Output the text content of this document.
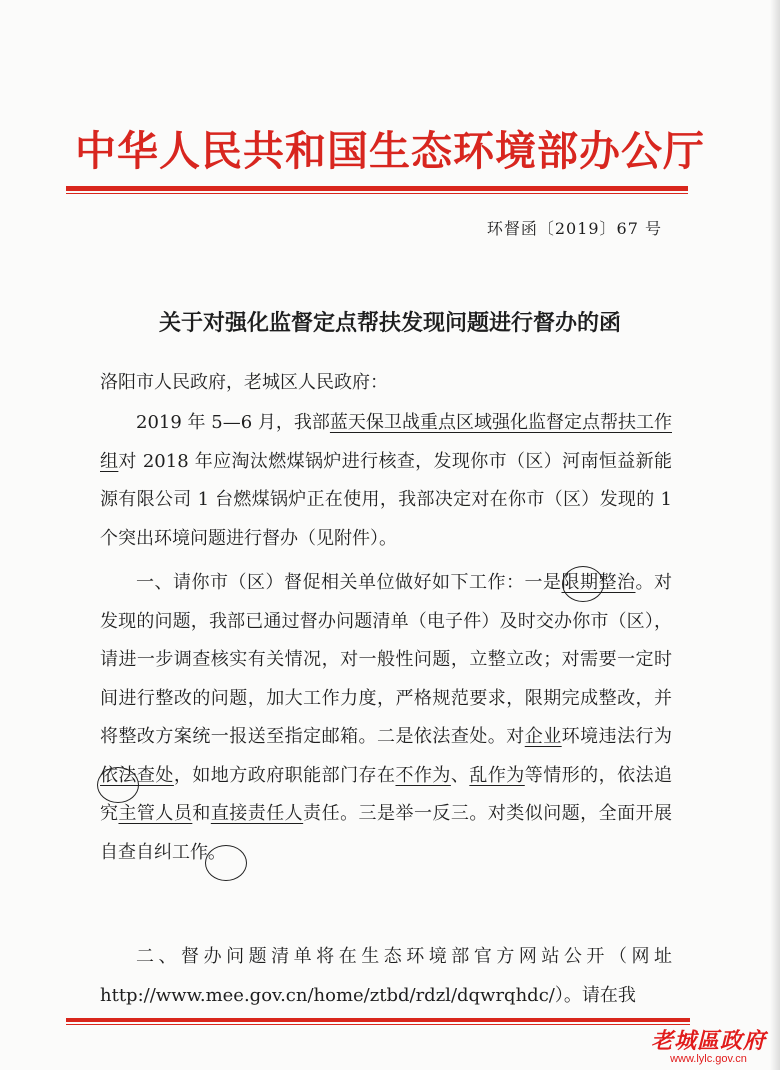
中华人民共和国生态环境部办公厅
环督函〔2019〕67 号
关于对强化监督定点帮扶发现问题进行督办的函
洛阳市人民政府，老城区人民政府：
2019 年 5—6 月，我部蓝天保卫战重点区域强化监督定点帮扶工作组对 2018 年应淘汰燃煤锅炉进行核查，发现你市（区）河南恒益新能源有限公司 1 台燃煤锅炉正在使用，我部决定对在你市（区）发现的 1 个突出环境问题进行督办（见附件）。
一、请你市（区）督促相关单位做好如下工作：一是限期整治。对发现的问题，我部已通过督办问题清单（电子件）及时交办你市（区），请进一步调查核实有关情况，对一般性问题，立整立改；对需要一定时间进行整改的问题，加大工作力度，严格规范要求，限期完成整改，并将整改方案统一报送至指定邮箱。二是依法查处。对企业环境违法行为依法查处，如地方政府职能部门存在不作为、乱作为等情形的，依法追究主管人员和直接责任人责任。三是举一反三。对类似问题，全面开展自查自纠工作。
二、督办问题清单将在生态环境部官方网站公开（网址 http://www.mee.gov.cn/home/ztbd/rdzl/dqwrqhdc/）。请在我
老城區政府
www.lylc.gov.cn
